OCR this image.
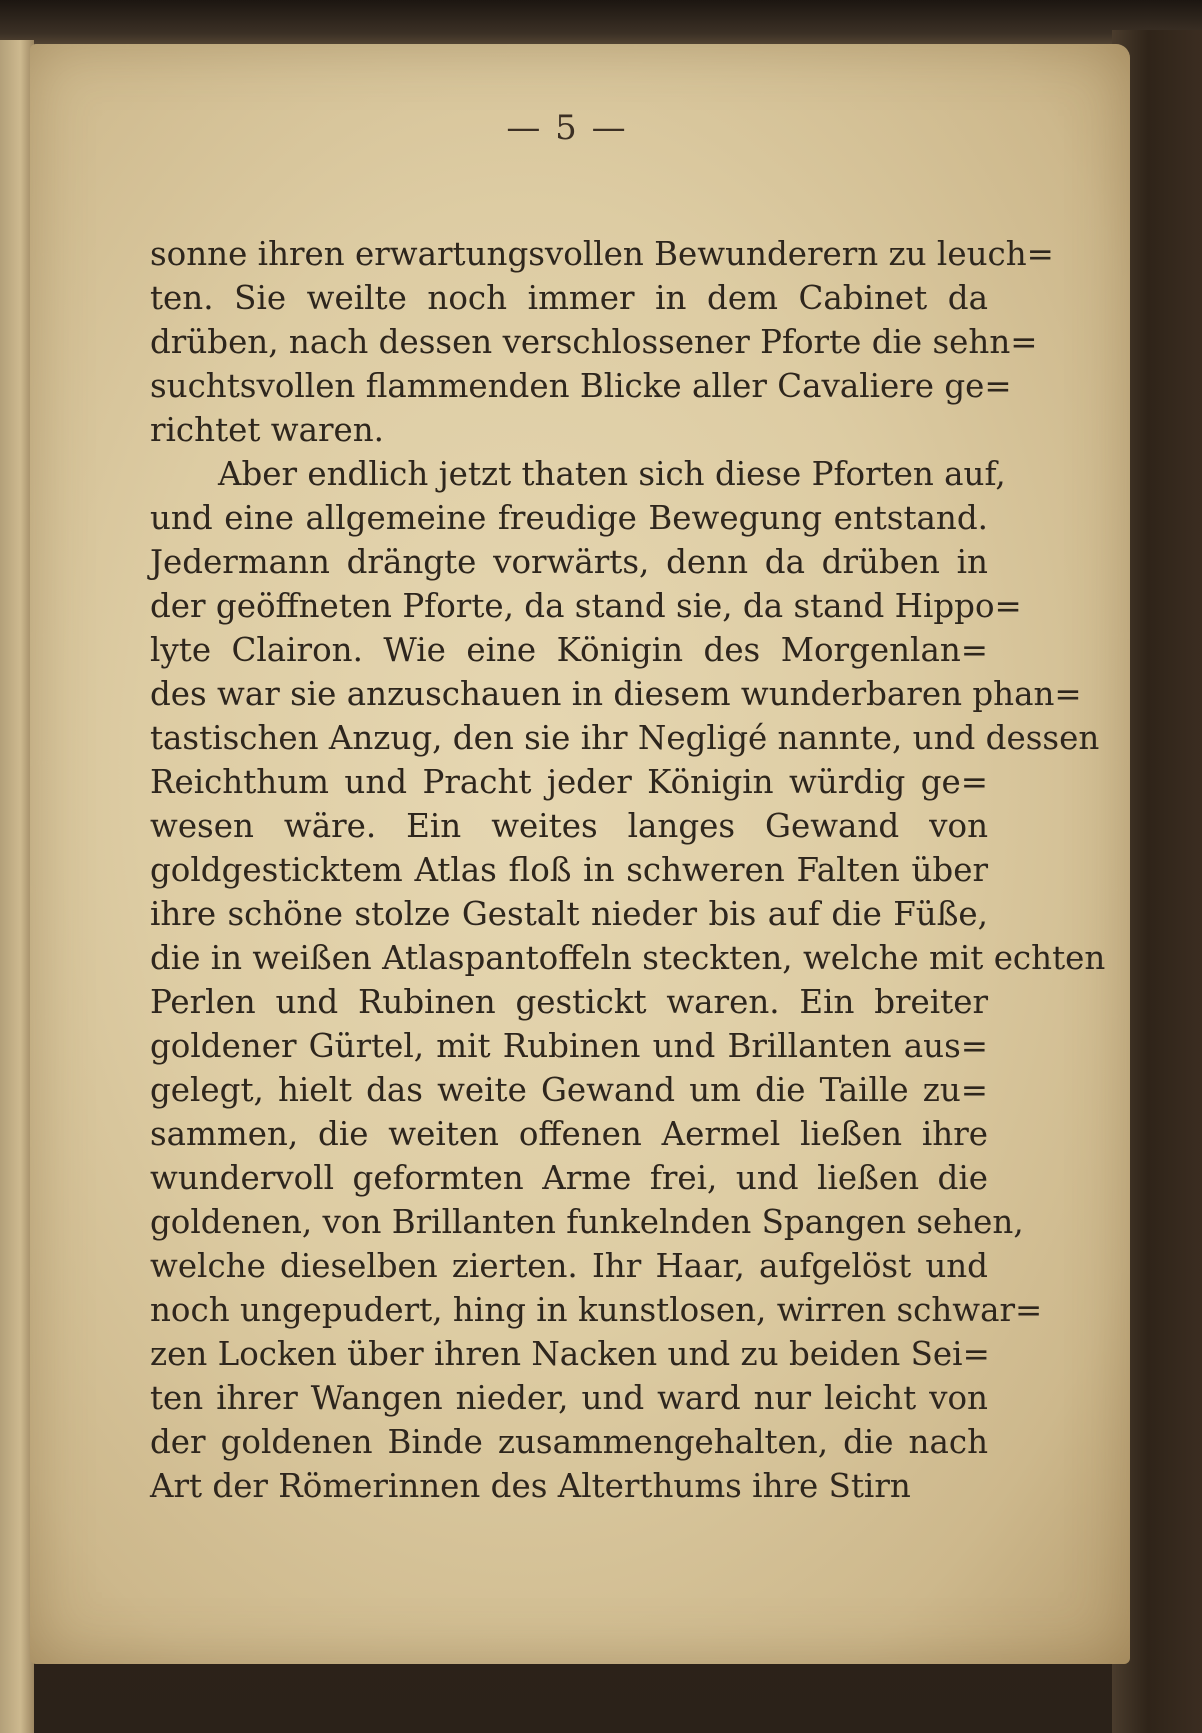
— 5 —
sonne ihren erwartungsvollen Bewunderern zu leuch=
ten. Sie weilte noch immer in dem Cabinet da
drüben, nach dessen verschlossener Pforte die sehn=
suchtsvollen flammenden Blicke aller Cavaliere ge=
richtet waren.
Aber endlich jetzt thaten sich diese Pforten auf,
und eine allgemeine freudige Bewegung entstand.
Jedermann drängte vorwärts, denn da drüben in
der geöffneten Pforte, da stand sie, da stand Hippo=
lyte Clairon. Wie eine Königin des Morgenlan=
des war sie anzuschauen in diesem wunderbaren phan=
tastischen Anzug, den sie ihr Negligé nannte, und dessen
Reichthum und Pracht jeder Königin würdig ge=
wesen wäre. Ein weites langes Gewand von
goldgesticktem Atlas floß in schweren Falten über
ihre schöne stolze Gestalt nieder bis auf die Füße,
die in weißen Atlaspantoffeln steckten, welche mit echten
Perlen und Rubinen gestickt waren. Ein breiter
goldener Gürtel, mit Rubinen und Brillanten aus=
gelegt, hielt das weite Gewand um die Taille zu=
sammen, die weiten offenen Aermel ließen ihre
wundervoll geformten Arme frei, und ließen die
goldenen, von Brillanten funkelnden Spangen sehen,
welche dieselben zierten. Ihr Haar, aufgelöst und
noch ungepudert, hing in kunstlosen, wirren schwar=
zen Locken über ihren Nacken und zu beiden Sei=
ten ihrer Wangen nieder, und ward nur leicht von
der goldenen Binde zusammengehalten, die nach
Art der Römerinnen des Alterthums ihre Stirn
